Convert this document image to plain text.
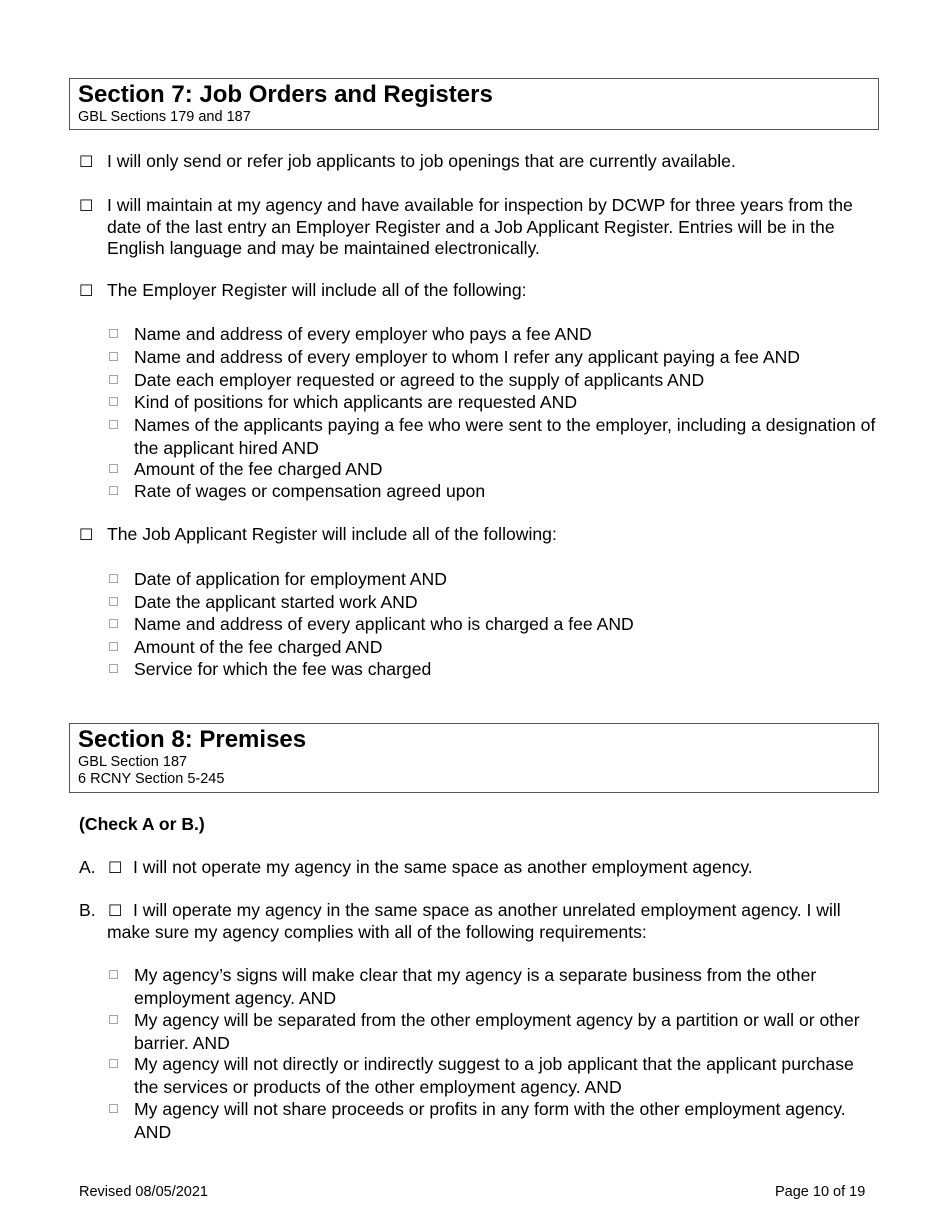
Section 7: Job Orders and Registers
GBL Sections 179 and 187
☐ I will only send or refer job applicants to job openings that are currently available.
☐ I will maintain at my agency and have available for inspection by DCWP for three years from the date of the last entry an Employer Register and a Job Applicant Register. Entries will be in the English language and may be maintained electronically.
☐ The Employer Register will include all of the following:
Name and address of every employer who pays a fee AND
Name and address of every employer to whom I refer any applicant paying a fee AND
Date each employer requested or agreed to the supply of applicants AND
Kind of positions for which applicants are requested AND
Names of the applicants paying a fee who were sent to the employer, including a designation of the applicant hired AND
Amount of the fee charged AND
Rate of wages or compensation agreed upon
☐ The Job Applicant Register will include all of the following:
Date of application for employment AND
Date the applicant started work AND
Name and address of every applicant who is charged a fee AND
Amount of the fee charged AND
Service for which the fee was charged
Section 8: Premises
GBL Section 187
6 RCNY Section 5-245
(Check A or B.)
A. ☐ I will not operate my agency in the same space as another employment agency.
B. ☐ I will operate my agency in the same space as another unrelated employment agency. I will make sure my agency complies with all of the following requirements:
My agency’s signs will make clear that my agency is a separate business from the other employment agency. AND
My agency will be separated from the other employment agency by a partition or wall or other barrier. AND
My agency will not directly or indirectly suggest to a job applicant that the applicant purchase the services or products of the other employment agency. AND
My agency will not share proceeds or profits in any form with the other employment agency. AND
Revised 08/05/2021	Page 10 of 19
